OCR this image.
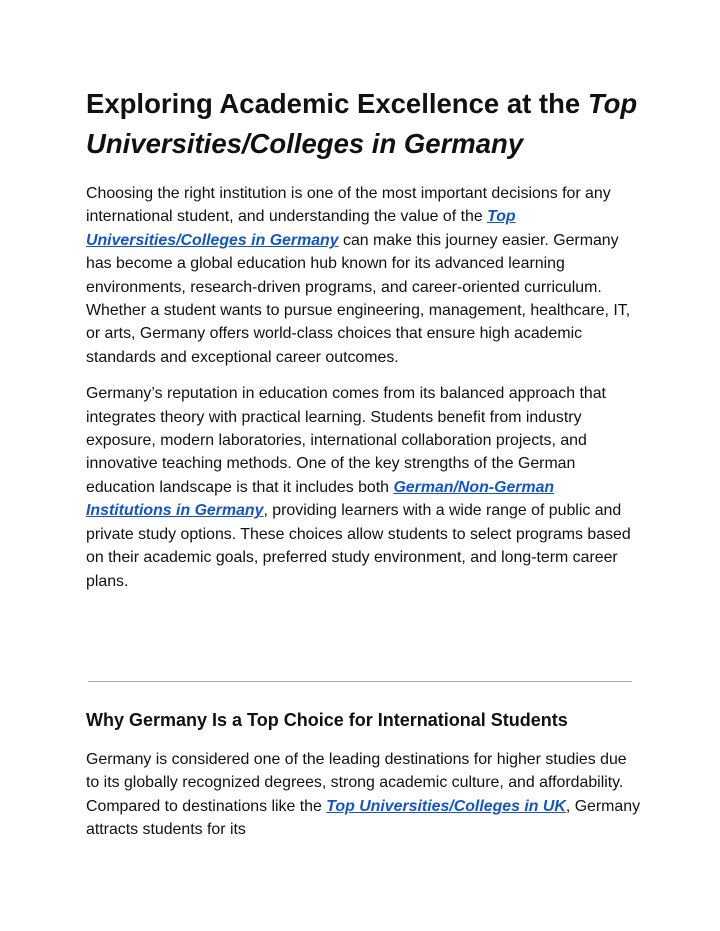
Exploring Academic Excellence at the Top Universities/Colleges in Germany

Choosing the right institution is one of the most important decisions for any international student, and understanding the value of the Top Universities/Colleges in Germany can make this journey easier. Germany has become a global education hub known for its advanced learning environments, research-driven programs, and career-oriented curriculum. Whether a student wants to pursue engineering, management, healthcare, IT, or arts, Germany offers world-class choices that ensure high academic standards and exceptional career outcomes.

Germany’s reputation in education comes from its balanced approach that integrates theory with practical learning. Students benefit from industry exposure, modern laboratories, international collaboration projects, and innovative teaching methods. One of the key strengths of the German education landscape is that it includes both German/Non-German Institutions in Germany, providing learners with a wide range of public and private study options. These choices allow students to select programs based on their academic goals, preferred study environment, and long-term career plans.

Why Germany Is a Top Choice for International Students

Germany is considered one of the leading destinations for higher studies due to its globally recognized degrees, strong academic culture, and affordability. Compared to destinations like the Top Universities/Colleges in UK, Germany attracts students for its
